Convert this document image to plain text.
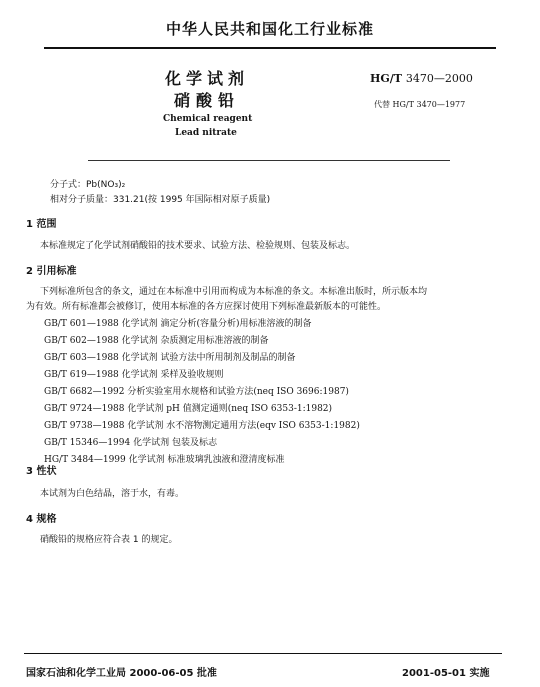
中华人民共和国化工行业标准
化学试剂
硝酸铅
Chemical reagent
Lead nitrate
HG/T 3470—2000
代替 HG/T 3470—1977
分子式：Pb(NO₃)₂
相对分子质量：331.21(按 1995 年国际相对原子质量)
1 范围
本标准规定了化学试剂硝酸铅的技术要求、试验方法、检验规则、包装及标志。
2 引用标准
下列标准所包含的条文，通过在本标准中引用而构成为本标准的条文。本标准出版时，所示版本均
为有效。所有标准都会被修订，使用本标准的各方应探讨使用下列标准最新版本的可能性。
GB/T 601—1988 化学试剂 滴定分析(容量分析)用标准溶液的制备
GB/T 602—1988 化学试剂 杂质测定用标准溶液的制备
GB/T 603—1988 化学试剂 试验方法中所用制剂及制品的制备
GB/T 619—1988 化学试剂 采样及验收规则
GB/T 6682—1992 分析实验室用水规格和试验方法(neq ISO 3696:1987)
GB/T 9724—1988 化学试剂 pH 值测定通则(neq ISO 6353-1:1982)
GB/T 9738—1988 化学试剂 水不溶物测定通用方法(eqv ISO 6353-1:1982)
GB/T 15346—1994 化学试剂 包装及标志
HG/T 3484—1999 化学试剂 标准玻璃乳浊液和澄清度标准
3 性状
本试剂为白色结晶，溶于水，有毒。
4 规格
硝酸铅的规格应符合表 1 的规定。
国家石油和化学工业局 2000-06-05 批准	2001-05-01 实施
